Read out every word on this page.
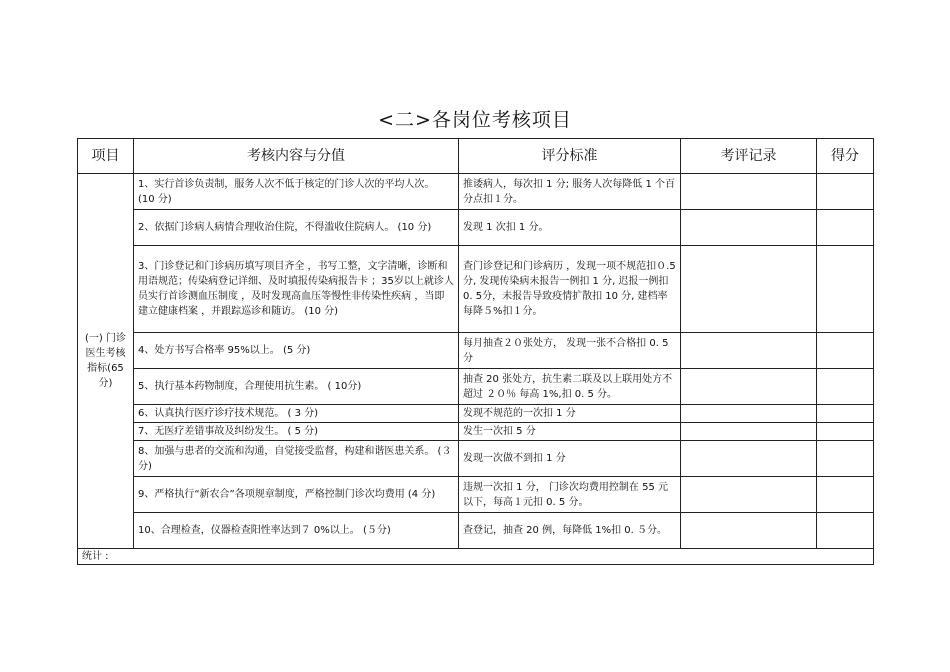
<二>各岗位考核项目
项目	考核内容与分值	评分标准	考评记录	得分
(一) 门诊医生考核指标(65分)	1、实行首诊负责制，服务人次不低于核定的门诊人次的平均人次。 (10 分)	推诿病人，每次扣 1 分; 服务人次每降低 1 个百分点扣１分。		
	2、依据门诊病人病情合理收治住院，不得滥收住院病人。 (10 分)	发现 1 次扣 1 分。		
	3、门诊登记和门诊病历填写项目齐全 ，书写工整，文字清晰，诊断和用语规范；传染病登记详细、及时填报传染病报告卡 ；35岁以上就诊人员实行首诊测血压制度 ，及时发现高血压等慢性非传染性疾病 ，当即建立健康档案 ，并跟踪巡诊和随访。 (10 分)	查门诊登记和门诊病历 ，发现一项不规范扣０.5 分, 发现传染病未报告一例扣 1 分, 迟报一例扣 0. 5分，未报告导致疫情扩散扣 10 分, 建档率每降５%扣１分。		
	4、处方书写合格率 95%以上。 (5 分)	每月抽查２０张处方， 发现一张不合格扣 0. 5分		
	5、执行基本药物制度，合理使用抗生素。 ( 10分)	抽查 20 张处方，抗生素二联及以上联用处方不超过 ２０％ 每高 1%,扣 0. 5 分。		
	6、认真执行医疗诊疗技术规范。 ( 3 分)	发现不规范的一次扣 1 分		
	7、无医疗差错事故及纠纷发生。 ( 5 分)	发生一次扣 5 分		
	8、加强与患者的交流和沟通，自觉接受监督，构建和谐医患关系。 (３分)	发现一次做不到扣 1 分		
	9、严格执行“新农合”各项规章制度，严格控制门诊次均费用 (4 分)	违规一次扣 1 分， 门诊次均费用控制在 55 元以下，每高１元扣 0. 5 分。		
	10、合理检查，仪器检查阳性率达到７ 0%以上。 (５分)	查登记，抽查 20 例，每降低 1%扣 0. ５分。		
统计 :				
